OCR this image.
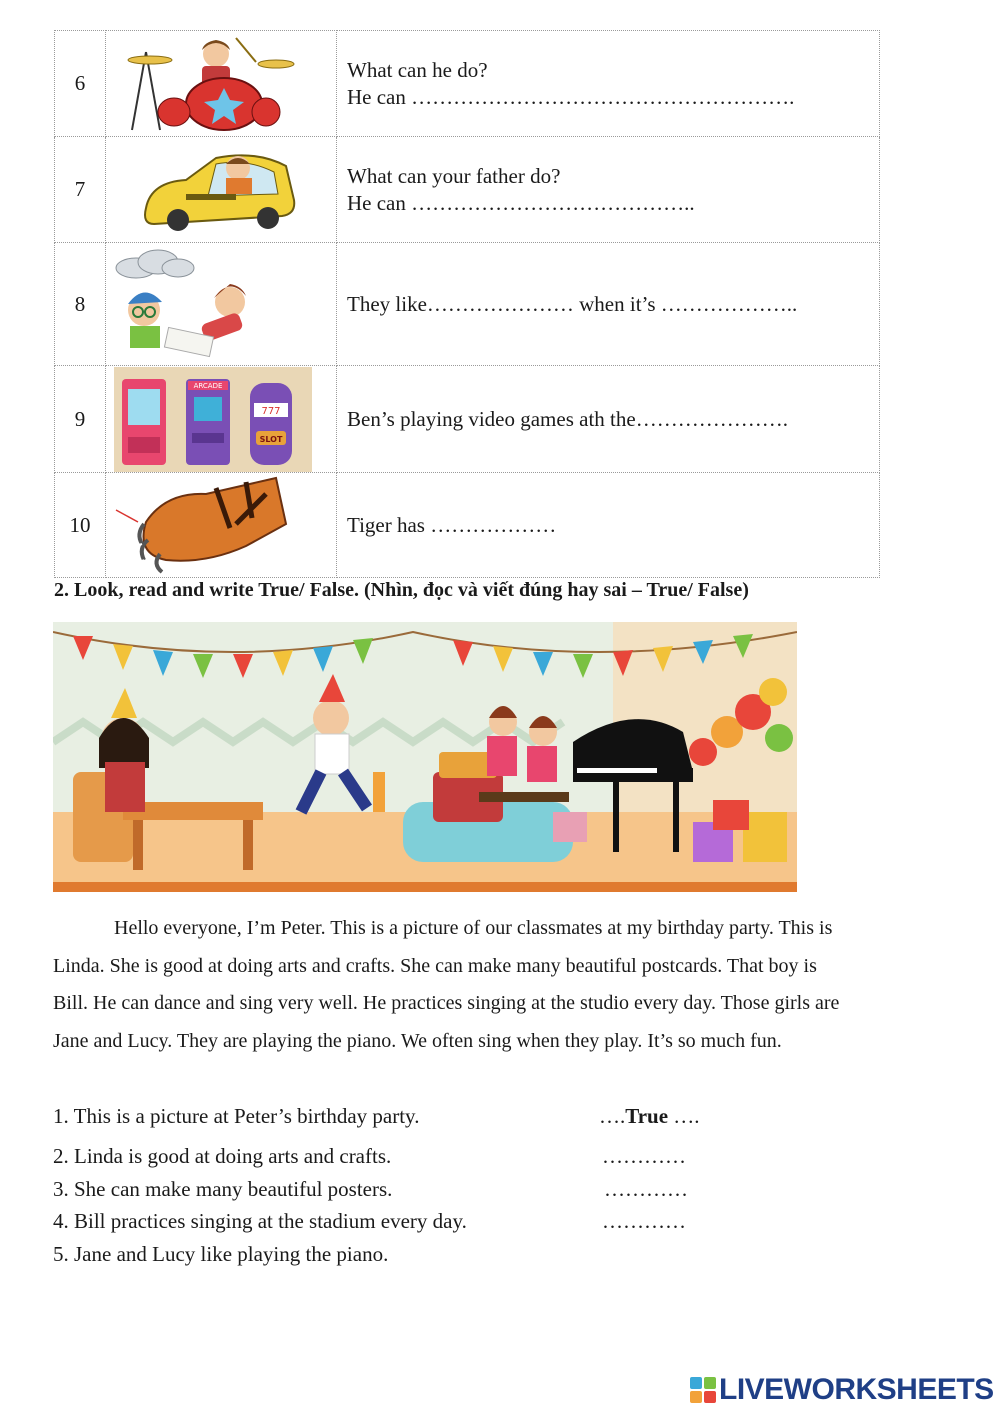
6		What can he do?
He can ……………………………………………….

7		What can your father do?
He can …………………………………..

8		They like………………… when it’s ………………..

9	ARCADE
777
SLOT	Ben’s playing video games ath the………………….

10		Tiger has ………………
2. Look, read and write True/ False. (Nhìn, đọc và viết đúng hay sai – True/ False)

Hello everyone, I’m Peter. This is a picture of our classmates at my birthday party. This is Linda. She is good at doing arts and crafts. She can make many beautiful postcards. That boy is Bill. He can dance and sing very well. He practices singing at the studio every day. Those girls are Jane and Lucy. They are playing the piano. We often sing when they play. It’s so much fun.

1. This is a picture at Peter’s birthday party.	….True ….
2. Linda is good at doing arts and crafts.	…………
3. She can make many beautiful posters.	…………
4. Bill practices singing at the stadium every day.	…………
5. Jane and Lucy like playing the piano.
LIVEWORKSHEETS
